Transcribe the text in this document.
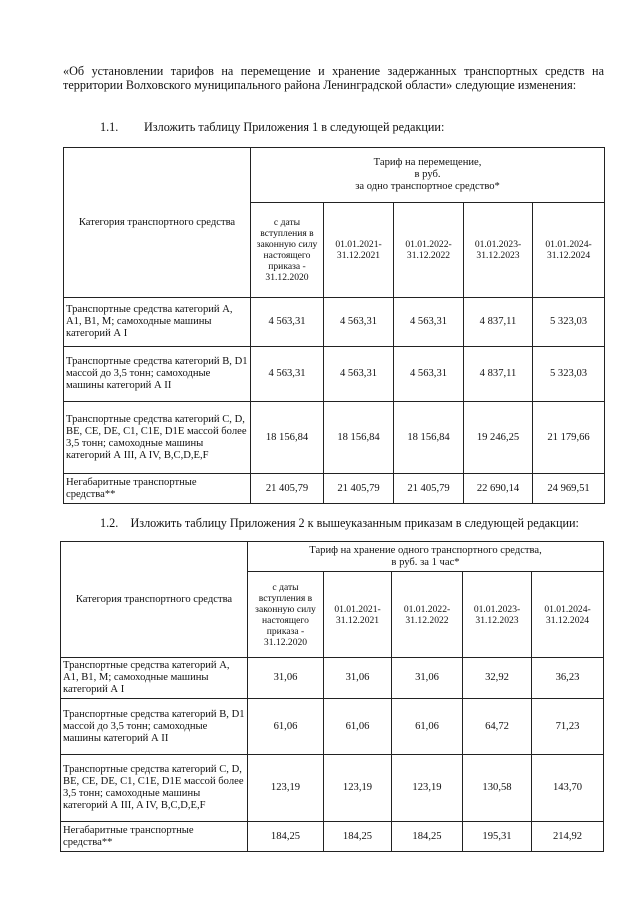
«Об установлении тарифов на перемещение и хранение задержанных транспортных средств на территории Волховского муниципального района Ленинградской области» следующие изменения:
1.1. Изложить таблицу Приложения 1 в следующей редакции:
Категория транспортного средства	Тариф на перемещение,
в руб.
за одно транспортное средство*				
	с даты вступления в законную силу настоящего приказа - 31.12.2020	01.01.2021-
31.12.2021	01.01.2022-
31.12.2022	01.01.2023-
31.12.2023	01.01.2024-
31.12.2024
Транспортные средства категорий А, А1, В1, М; самоходные машины категорий А I	4 563,31	4 563,31	4 563,31	4 837,11	5 323,03
Транспортные средства категорий В, D1 массой до 3,5 тонн; самоходные машины категорий А II	4 563,31	4 563,31	4 563,31	4 837,11	5 323,03
Транспортные средства категорий С, D, BE, CE, DE, C1, C1E, D1E массой более 3,5 тонн; самоходные машины категорий А III, A IV, B,C,D,E,F	18 156,84	18 156,84	18 156,84	19 246,25	21 179,66
Негабаритные транспортные средства**	21 405,79	21 405,79	21 405,79	22 690,14	24 969,51
1.2. Изложить таблицу Приложения 2 к вышеуказанным приказам в следующей редакции:
Категория транспортного средства	Тариф на хранение одного транспортного средства,
в руб. за 1 час*				
	с даты вступления в законную силу настоящего приказа - 31.12.2020	01.01.2021-
31.12.2021	01.01.2022-
31.12.2022	01.01.2023-
31.12.2023	01.01.2024-
31.12.2024
Транспортные средства категорий А, А1, В1, М; самоходные машины категорий А I	31,06	31,06	31,06	32,92	36,23
Транспортные средства категорий В, D1
массой до 3,5 тонн; самоходные машины категорий А II	61,06	61,06	61,06	64,72	71,23
Транспортные средства категорий С, D, BE, CE, DE, C1, C1E, D1E массой более 3,5 тонн; самоходные машины категорий А III, A IV, B,C,D,E,F	123,19	123,19	123,19	130,58	143,70
Негабаритные транспортные средства**	184,25	184,25	184,25	195,31	214,92
